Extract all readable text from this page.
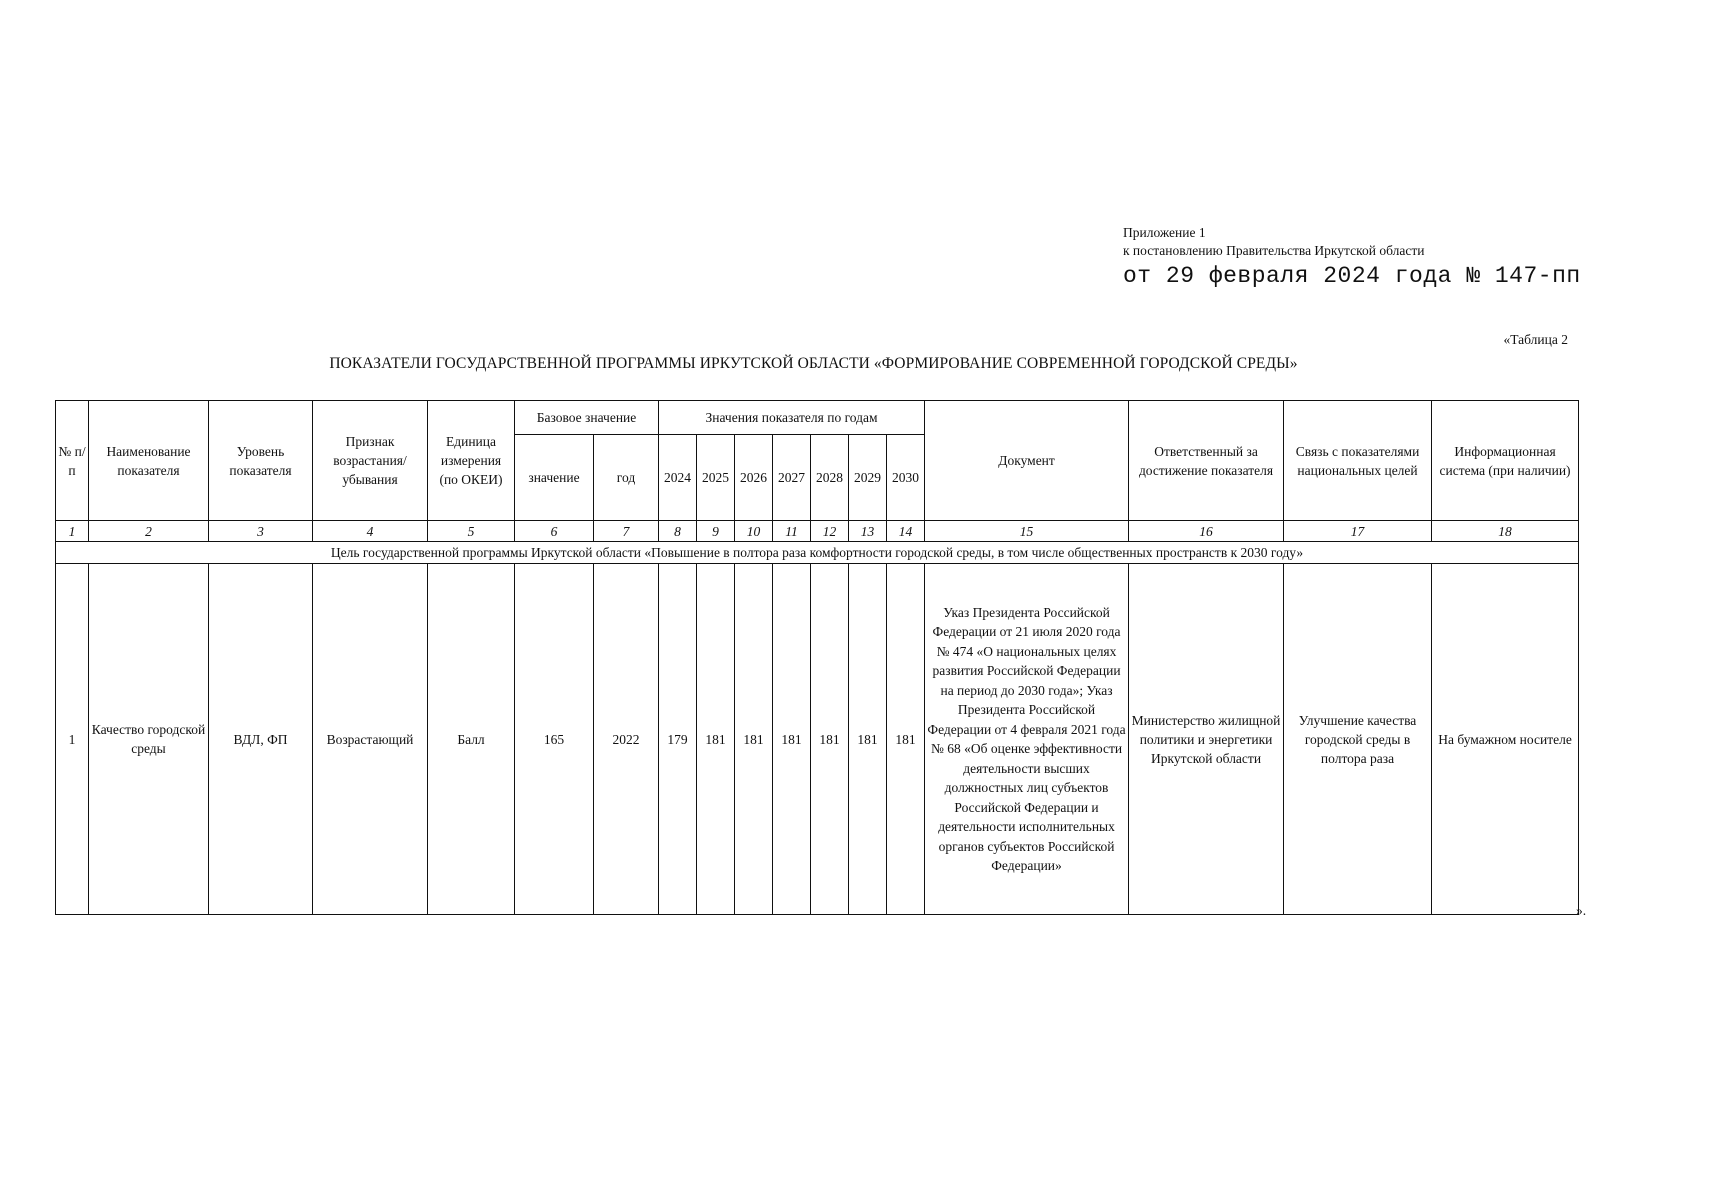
Приложение 1
к постановлению Правительства Иркутской области
от 29 февраля 2024 года № 147-пп
«Таблица 2
ПОКАЗАТЕЛИ ГОСУДАРСТВЕННОЙ ПРОГРАММЫ ИРКУТСКОЙ ОБЛАСТИ «ФОРМИРОВАНИЕ СОВРЕМЕННОЙ ГОРОДСКОЙ СРЕДЫ»
№ п/п	Наименование показателя	Уровень показателя	Признак возрастания/ убывания	Единица измерения (по ОКЕИ)	Базовое значение		Значения показателя по годам							Документ	Ответственный за достижение показателя	Связь с показателями национальных целей	Информационная система (при наличии)
					значение	год	2024	2025	2026	2027	2028	2029	2030				
1	2	3	4	5	6	7	8	9	10	11	12	13	14	15	16	17	18
Цель государственной программы Иркутской области «Повышение в полтора раза комфортности городской среды, в том числе общественных пространств к 2030 году»																	
1	Качество городской среды	ВДЛ, ФП	Возрастающий	Балл	165	2022	179	181	181	181	181	181	181	Указ Президента Российской Федерации от 21 июля 2020 года № 474 «О национальных целях развития Российской Федерации на период до 2030 года»; Указ Президента Российской Федерации от 4 февраля 2021 года № 68 «Об оценке эффективности деятельности высших должностных лиц субъектов Российской Федерации и деятельности исполнительных органов субъектов Российской Федерации»	Министерство жилищной политики и энергетики Иркутской области	Улучшение качества городской среды в полтора раза	На бумажном носителе
».
